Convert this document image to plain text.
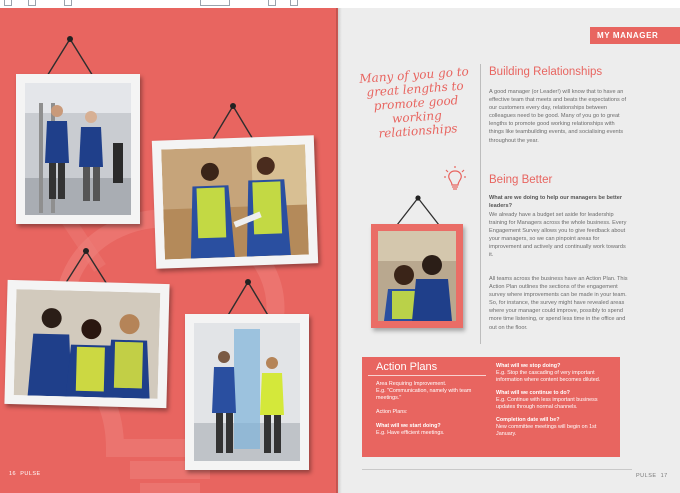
16 PULSE
MY MANAGER
Many of you go to great lengths to promote good working relationships
Building Relationships
A good manager (or Leader!) will know that to have an effective team that meets and beats the expectations of our customers every day, relationships between colleagues need to be good. Many of you go to great lengths to promote good working relationships with things like teambuilding events, and socialising events throughout the year.
Being Better
What are we doing to help our managers be better leaders?
We already have a budget set aside for leadership training for Managers across the whole business. Every Engagement Survey allows you to give feedback about your managers, so we can pinpoint areas for improvement and actively and continually work towards it.
All teams across the business have an Action Plan. This Action Plan outlines the sections of the engagement survey where improvements can be made in your team. So, for instance, the survey might have revealed areas where your manager could improve, possibly to spend more time listening, or spend less time in the office and out on the floor.
Action Plans
Area Requiring Improvement.
E.g. "Communication, namely with team meetings."
Action Plans:
What will we start doing?
E.g. Have efficient meetings.
What will we stop doing?
E.g. Stop the cascading of very important information where content becomes diluted.
What will we continue to do?
E.g. Continue with less important business updates through normal channels.
Completion date will be?
New committee meetings will begin on 1st January.
PULSE 17
